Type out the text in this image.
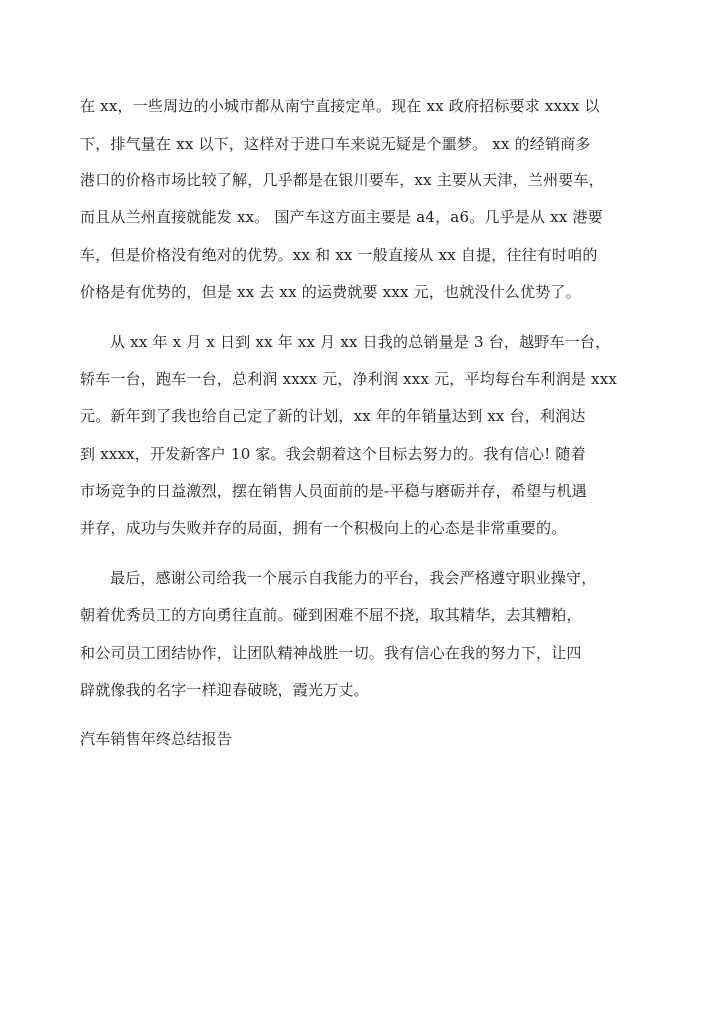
在 xx，一些周边的小城市都从南宁直接定单。现在 xx 政府招标要求 xxxx 以
下，排气量在 xx 以下，这样对于进口车来说无疑是个噩梦。 xx 的经销商多
港口的价格市场比较了解，几乎都是在银川要车，xx 主要从天津，兰州要车，
而且从兰州直接就能发 xx。 国产车这方面主要是 a4，a6。几乎是从 xx 港要
车，但是价格没有绝对的优势。xx 和 xx 一般直接从 xx 自提，往往有时咱的
价格是有优势的，但是 xx 去 xx 的运费就要 xxx 元，也就没什么优势了。
从 xx 年 x 月 x 日到 xx 年 xx 月 xx 日我的总销量是 3 台，越野车一台，
轿车一台，跑车一台，总利润 xxxx 元，净利润 xxx 元，平均每台车利润是 xxx
元。新年到了我也给自己定了新的计划，xx 年的年销量达到 xx 台，利润达
到 xxxx，开发新客户 10 家。我会朝着这个目标去努力的。我有信心! 随着
市场竞争的日益激烈，摆在销售人员面前的是-平稳与磨砺并存，希望与机遇
并存，成功与失败并存的局面，拥有一个积极向上的心态是非常重要的。
最后，感谢公司给我一个展示自我能力的平台，我会严格遵守职业操守，
朝着优秀员工的方向勇往直前。碰到困难不屈不挠，取其精华，去其糟粕，
和公司员工团结协作，让团队精神战胜一切。我有信心在我的努力下，让四
辟就像我的名字一样迎春破晓，霞光万丈。
汽车销售年终总结报告
